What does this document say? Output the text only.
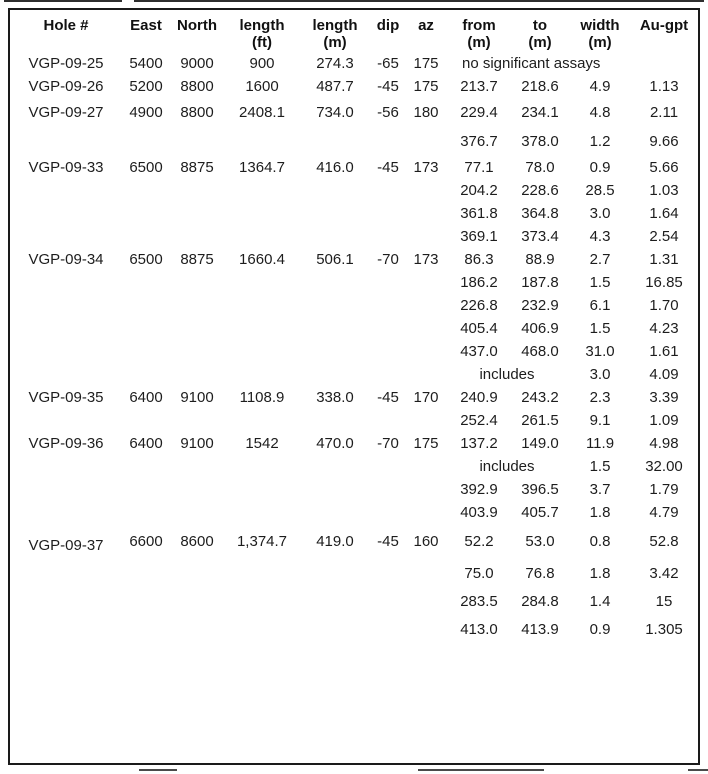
Hole #	East	North	length	length	dip	az	from	to	width	Au-gpt
			(ft)	(m)			(m)	(m)	(m)	

VGP-09-25	5400	9000	900	274.3	-65	175	no significant assays			

VGP-09-26	5200	8800	1600	487.7	-45	175	213.7	218.6	4.9	1.13

VGP-09-27	4900	8800	2408.1	734.0	-56	180	229.4	234.1	4.8	2.11
							376.7	378.0	1.2	9.66

VGP-09-33	6500	8875	1364.7	416.0	-45	173	77.1	78.0	0.9	5.66
							204.2	228.6	28.5	1.03
							361.8	364.8	3.0	1.64
							369.1	373.4	4.3	2.54

VGP-09-34	6500	8875	1660.4	506.1	-70	173	86.3	88.9	2.7	1.31
							186.2	187.8	1.5	16.85
							226.8	232.9	6.1	1.70
							405.4	406.9	1.5	4.23
							437.0	468.0	31.0	1.61
							includes		3.0	4.09

VGP-09-35	6400	9100	1108.9	338.0	-45	170	240.9	243.2	2.3	3.39
							252.4	261.5	9.1	1.09

VGP-09-36	6400	9100	1542	470.0	-70	175	137.2	149.0	11.9	4.98
							includes		1.5	32.00
							392.9	396.5	3.7	1.79
							403.9	405.7	1.8	4.79

VGP-09-37	6600	8600	1,374.7	419.0	-45	160	52.2	53.0	0.8	52.8
							75.0	76.8	1.8	3.42
							283.5	284.8	1.4	15
							413.0	413.9	0.9	1.305
